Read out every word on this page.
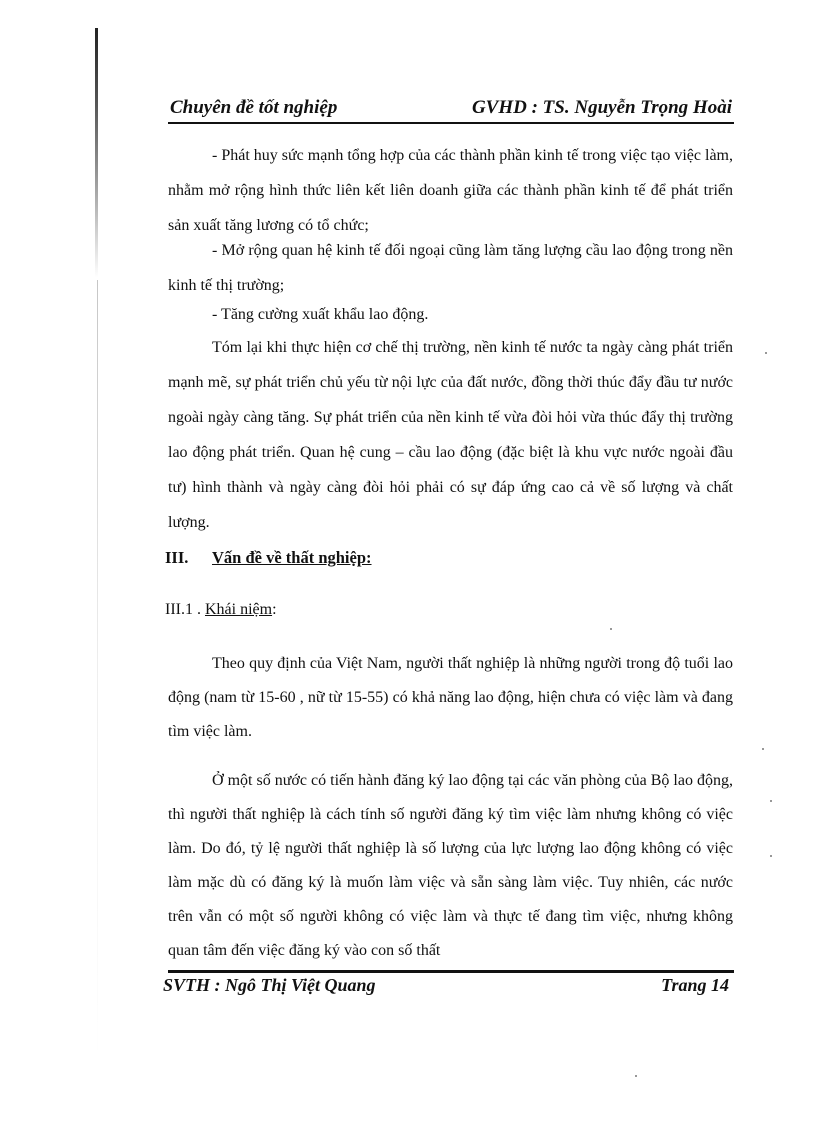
Chuyên đề tốt nghiệp	GVHD : TS. Nguyễn Trọng Hoài

- Phát huy sức mạnh tổng hợp của các thành phần kinh tế trong việc tạo việc làm, nhằm mở rộng hình thức liên kết liên doanh giữa các thành phần kinh tế để phát triển sản xuất tăng lương có tổ chức;

- Mở rộng quan hệ kinh tế đối ngoại cũng làm tăng lượng cầu lao động trong nền kinh tế thị trường;

- Tăng cường xuất khẩu lao động.

Tóm lại khi thực hiện cơ chế thị trường, nền kinh tế nước ta ngày càng phát triển mạnh mẽ, sự phát triển chủ yếu từ nội lực của đất nước, đồng thời thúc đẩy đầu tư nước ngoài ngày càng tăng. Sự phát triển của nền kinh tế vừa đòi hỏi vừa thúc đẩy thị trường lao động phát triển. Quan hệ cung – cầu lao động (đặc biệt là khu vực nước ngoài đầu tư) hình thành và ngày càng đòi hỏi phải có sự đáp ứng cao cả về số lượng và chất lượng.

III. Vấn đề về thất nghiệp:
III.1 . Khái niệm:

Theo quy định của Việt Nam, người thất nghiệp là những người trong độ tuổi lao động (nam từ 15-60 , nữ từ 15-55) có khả năng lao động, hiện chưa có việc làm và đang tìm việc làm.

Ở một số nước có tiến hành đăng ký lao động tại các văn phòng của Bộ lao động, thì người thất nghiệp là cách tính số người đăng ký tìm việc làm nhưng không có việc làm. Do đó, tỷ lệ người thất nghiệp là số lượng của lực lượng lao động không có việc làm mặc dù có đăng ký là muốn làm việc và sẵn sàng làm việc. Tuy nhiên, các nước trên vẫn có một số người không có việc làm và thực tế đang tìm việc, nhưng không quan tâm đến việc đăng ký vào con số thất

SVTH : Ngô Thị Việt Quang	Trang 14
